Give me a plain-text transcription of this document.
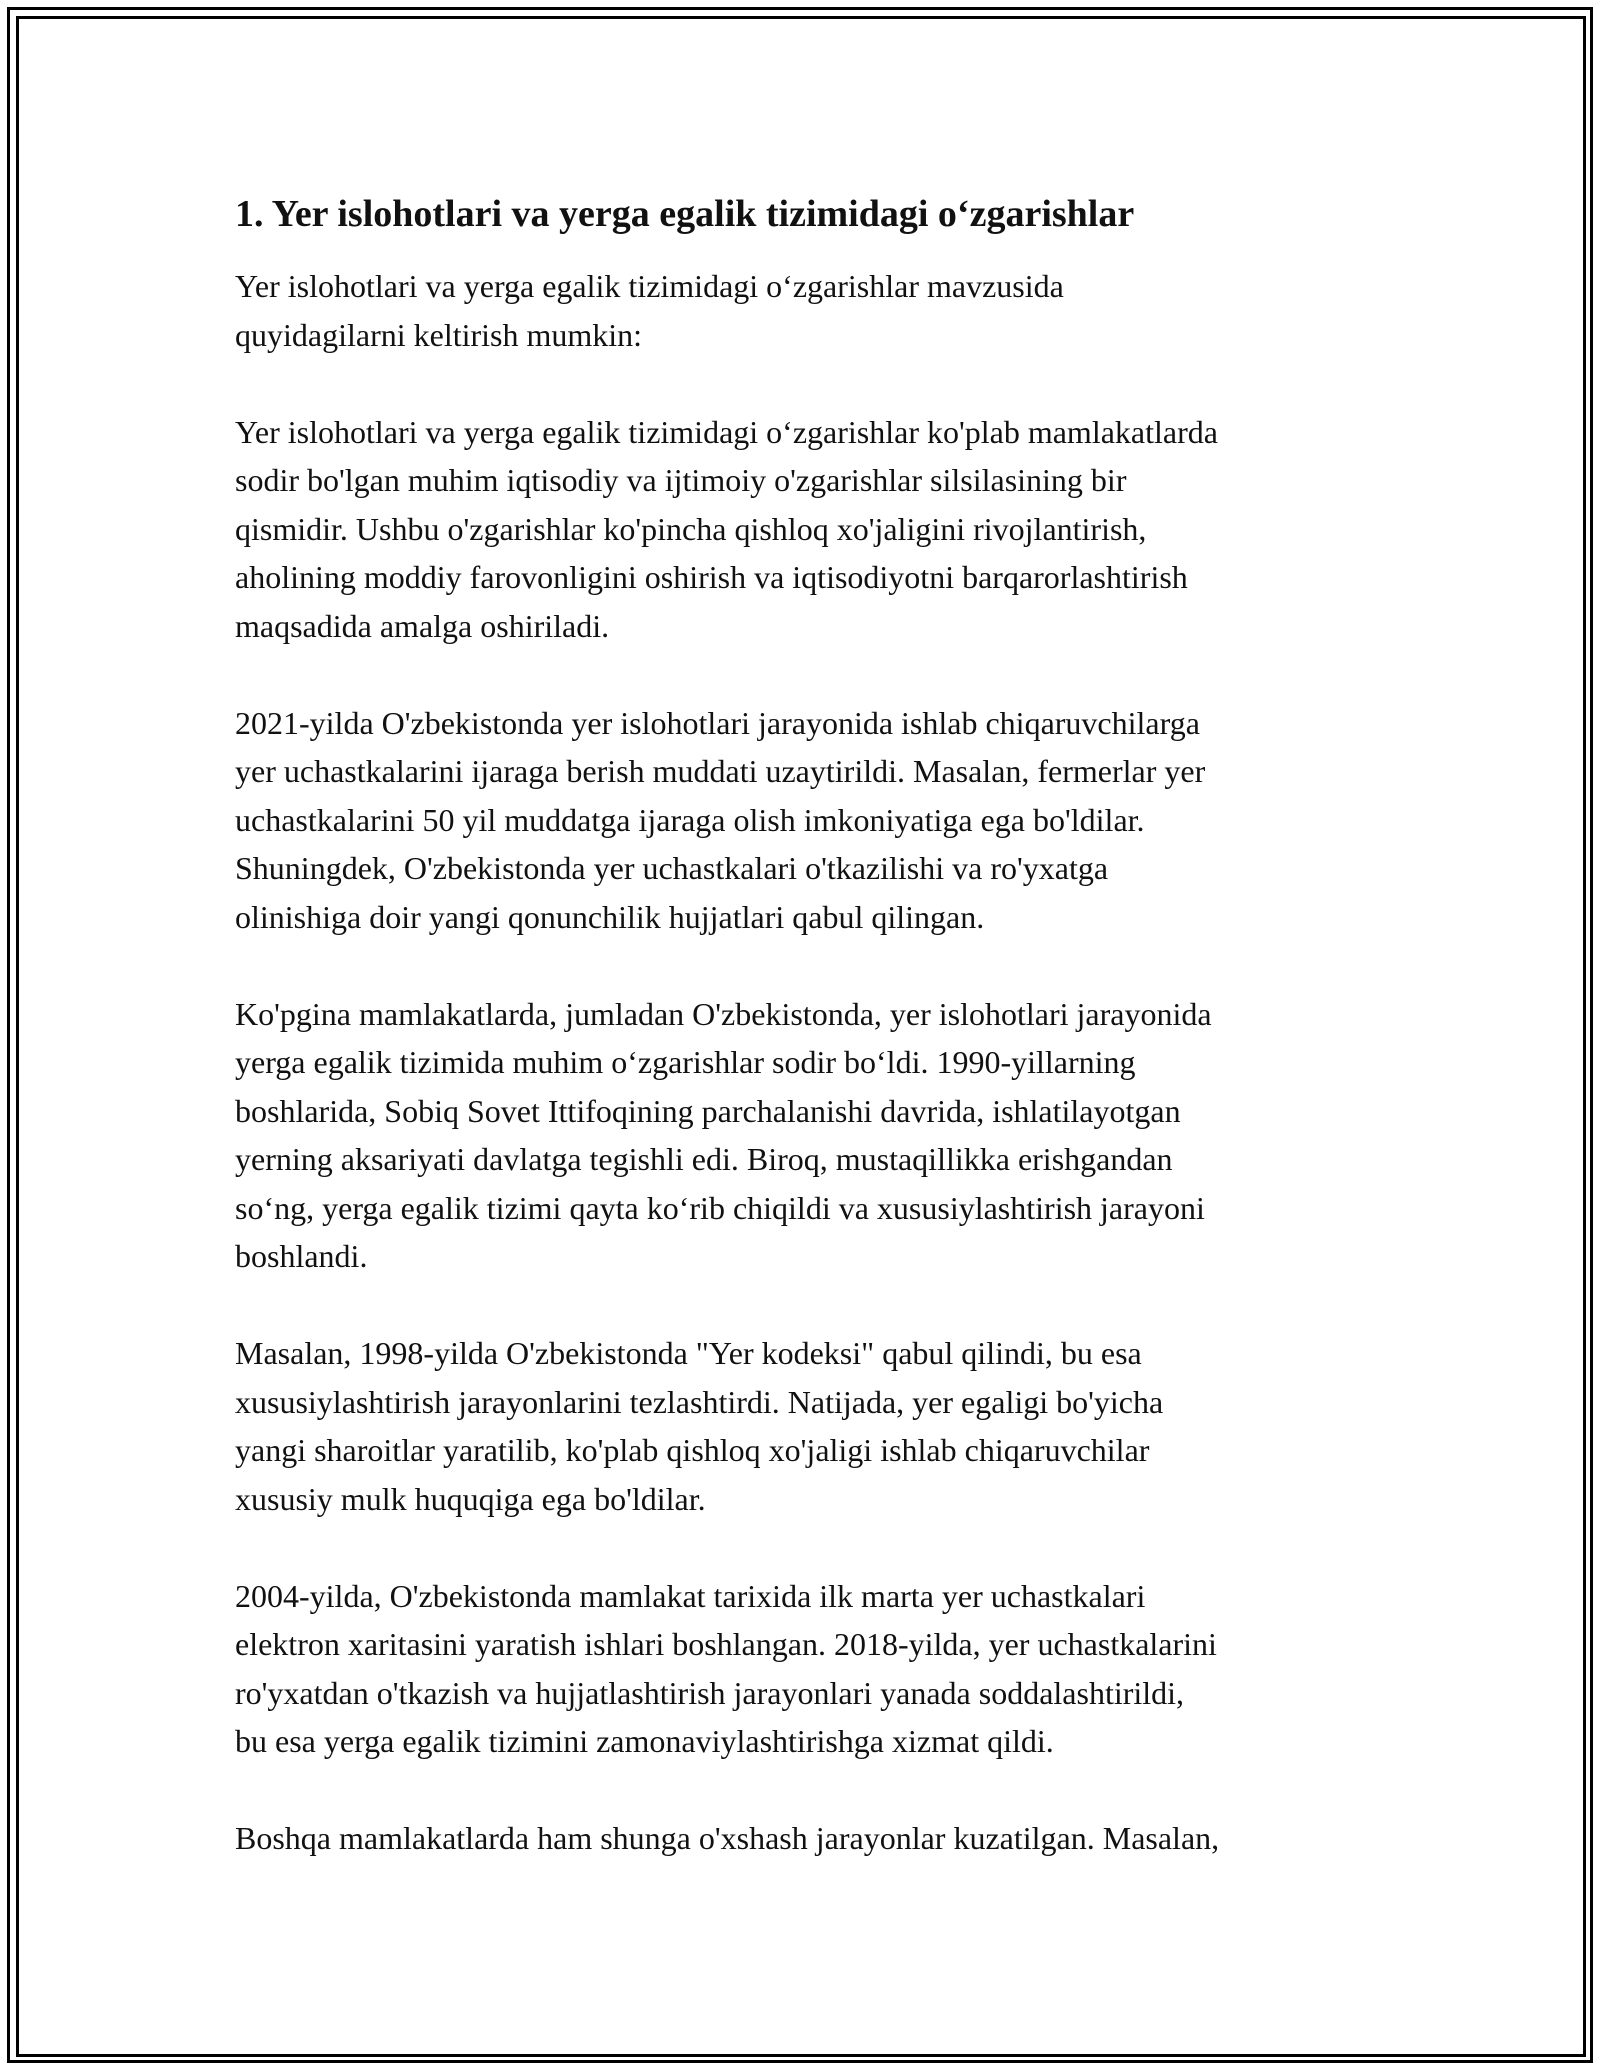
1. Yer islohotlari va yerga egalik tizimidagi o‘zgarishlar

Yer islohotlari va yerga egalik tizimidagi o‘zgarishlar mavzusida
quyidagilarni keltirish mumkin:

Yer islohotlari va yerga egalik tizimidagi o‘zgarishlar ko'plab mamlakatlarda
sodir bo'lgan muhim iqtisodiy va ijtimoiy o'zgarishlar silsilasining bir
qismidir. Ushbu o'zgarishlar ko'pincha qishloq xo'jaligini rivojlantirish,
aholining moddiy farovonligini oshirish va iqtisodiyotni barqarorlashtirish
maqsadida amalga oshiriladi.

2021-yilda O'zbekistonda yer islohotlari jarayonida ishlab chiqaruvchilarga
yer uchastkalarini ijaraga berish muddati uzaytirildi. Masalan, fermerlar yer
uchastkalarini 50 yil muddatga ijaraga olish imkoniyatiga ega bo'ldilar.
Shuningdek, O'zbekistonda yer uchastkalari o'tkazilishi va ro'yxatga
olinishiga doir yangi qonunchilik hujjatlari qabul qilingan.

Ko'pgina mamlakatlarda, jumladan O'zbekistonda, yer islohotlari jarayonida
yerga egalik tizimida muhim o‘zgarishlar sodir bo‘ldi. 1990-yillarning
boshlarida, Sobiq Sovet Ittifoqining parchalanishi davrida, ishlatilayotgan
yerning aksariyati davlatga tegishli edi. Biroq, mustaqillikka erishgandan
so‘ng, yerga egalik tizimi qayta ko‘rib chiqildi va xususiylashtirish jarayoni
boshlandi.

Masalan, 1998-yilda O'zbekistonda "Yer kodeksi" qabul qilindi, bu esa
xususiylashtirish jarayonlarini tezlashtirdi. Natijada, yer egaligi bo'yicha
yangi sharoitlar yaratilib, ko'plab qishloq xo'jaligi ishlab chiqaruvchilar
xususiy mulk huquqiga ega bo'ldilar.

2004-yilda, O'zbekistonda mamlakat tarixida ilk marta yer uchastkalari
elektron xaritasini yaratish ishlari boshlangan. 2018-yilda, yer uchastkalarini
ro'yxatdan o'tkazish va hujjatlashtirish jarayonlari yanada soddalashtirildi,
bu esa yerga egalik tizimini zamonaviylashtirishga xizmat qildi.

Boshqa mamlakatlarda ham shunga o'xshash jarayonlar kuzatilgan. Masalan,
